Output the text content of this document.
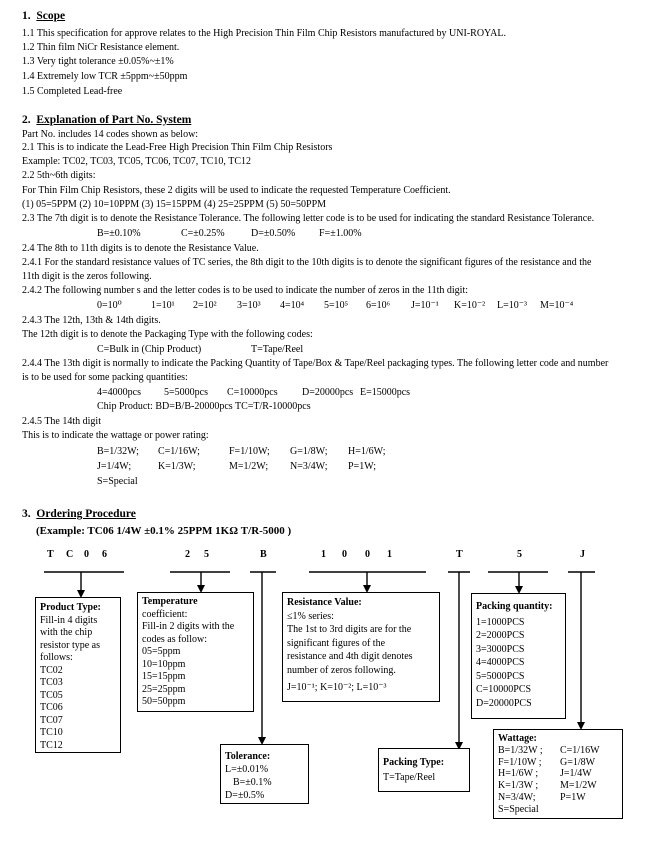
1.  Scope
1.1 This specification for approve relates to the High Precision Thin Film Chip Resistors manufactured by UNI-ROYAL.
1.2 Thin film NiCr Resistance element.
1.3 Very tight tolerance ±0.05%~±1%
1.4 Extremely low TCR ±5ppm~±50ppm
1.5 Completed Lead-free
2.  Explanation of Part No. System
Part No. includes 14 codes shown as below:
2.1 This is to indicate the Lead-Free High Precision Thin Film Chip Resistors
Example: TC02, TC03, TC05, TC06, TC07, TC10, TC12
2.2 5th~6th digits:
For Thin Film Chip Resistors, these 2 digits will be used to indicate the requested Temperature Coefficient.
(1) 05=5PPM (2) 10=10PPM (3) 15=15PPM (4) 25=25PPM (5) 50=50PPM
2.3 The 7th digit is to denote the Resistance Tolerance. The following letter code is to be used for indicating the standard Resistance Tolerance.
B=±0.10%	C=±0.25%	D=±0.50% F=±1.00%
2.4 The 8th to 11th digits is to denote the Resistance Value.
2.4.1 For the standard resistance values of TC series, the 8th digit to the 10th digits is to denote the significant figures of the resistance and the
11th digit is the zeros following.
2.4.2 The following number s and the letter codes is to be used to indicate the number of zeros in the 11th digit:
0=10⁰	1=10¹ 2=10² 3=10³ 4=10⁴ 5=10⁵ 6=10⁶ J=10⁻¹ K=10⁻² L=10⁻³ M=10⁻⁴
2.4.3 The 12th, 13th & 14th digits.
The 12th digit is to denote the Packaging Type with the following codes:
C=Bulk in (Chip Product)	T=Tape/Reel
2.4.4 The 13th digit is normally to indicate the Packing Quantity of Tape/Box & Tape/Reel packaging types. The following letter code and number
is to be used for some packing quantities:
4=4000pcs 5=5000pcs C=10000pcs D=20000pcs E=15000pcs
Chip Product: BD=B/B-20000pcs TC=T/R-10000pcs
2.4.5 The 14th digit
This is to indicate the wattage or power rating:
B=1/32W; C=1/16W;	F=1/10W; G=1/8W; H=1/6W;
J=1/4W;	K=1/3W;	M=1/2W; N=3/4W; P=1W;
S=Special
3.  Ordering Procedure
(Example: TC06 1/4W ±0.1% 25PPM 1KΩ T/R-5000 )
T C 0 6	2 5	B	1 0 0 1	T	5	J
Product Type:
Fill-in 4 digits
with the chip
resistor type as
follows:
TC02
TC03
TC05
TC06
TC07
TC10
TC12
Temperature
coefficient:
Fill-in 2 digits with the
codes as follow:
05=5ppm
10=10ppm
15=15ppm
25=25ppm
50=50ppm
Resistance Value:
≤1% series:
The 1st to 3rd digits are for the
significant figures of the
resistance and 4th digit denotes
number of zeros following.
J=10⁻¹; K=10⁻²; L=10⁻³
Packing quantity:
1=1000PCS
2=2000PCS
3=3000PCS
4=4000PCS
5=5000PCS
C=10000PCS
D=20000PCS
Tolerance:
L=±0.01%
B=±0.1%
D=±0.5%
Packing Type:
T=Tape/Reel
Wattage:
B=1/32W ; C=1/16W
F=1/10W ; G=1/8W
H=1/6W ; J=1/4W
K=1/3W ; M=1/2W
N=3/4W; P=1W
S=Special
